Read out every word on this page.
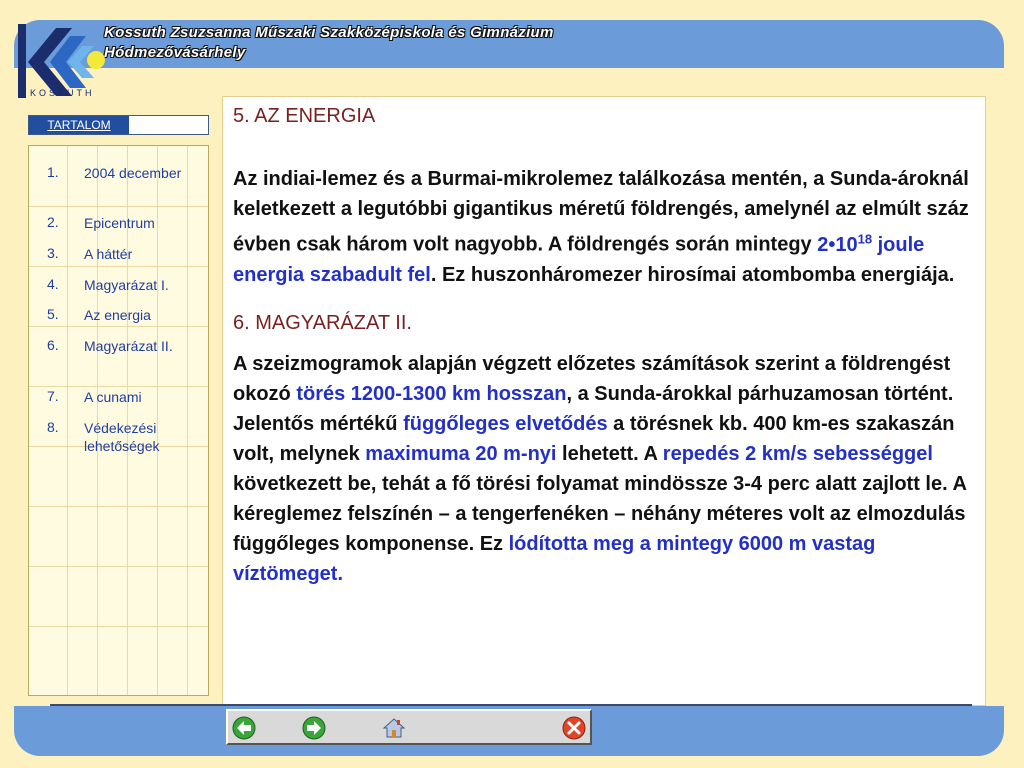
Kossuth Zsuzsanna Műszaki Szakközépiskola és Gimnázium
Hódmezővásárhely
KOSSUTH
TARTALOM
1. 2004 december
2. Epicentrum
3. A háttér
4. Magyarázat I.
5. Az energia
6. Magyarázat II.
7. A cunami
8. Védekezési lehetőségek
5. AZ ENERGIA

Az indiai-lemez és a Burmai-mikrolemez találkozása mentén, a Sunda-ároknál keletkezett a legutóbbi gigantikus méretű földrengés, amelynél az elmúlt száz évben csak három volt nagyobb. A földrengés során mintegy $2•10^{18}$ joule energia szabadult fel. Ez huszonháromezer hirosímai atombomba energiája.

6. MAGYARÁZAT II.

A szeizmogramok alapján végzett előzetes számítások szerint a földrengést okozó törés 1200-1300 km hosszan, a Sunda-árokkal párhuzamosan történt. Jelentős mértékű függőleges elvetődés a törésnek kb. 400 km-es szakaszán volt, melynek maximuma 20 m-nyi lehetett. A repedés 2 km/s sebességgel következett be, tehát a fő törési folyamat mindössze 3-4 perc alatt zajlott le. A kéreglemez felszínén – a tengerfenéken – néhány méteres volt az elmozdulás függőleges komponense. Ez lódította meg a mintegy 6000 m vastag víztömeget.
